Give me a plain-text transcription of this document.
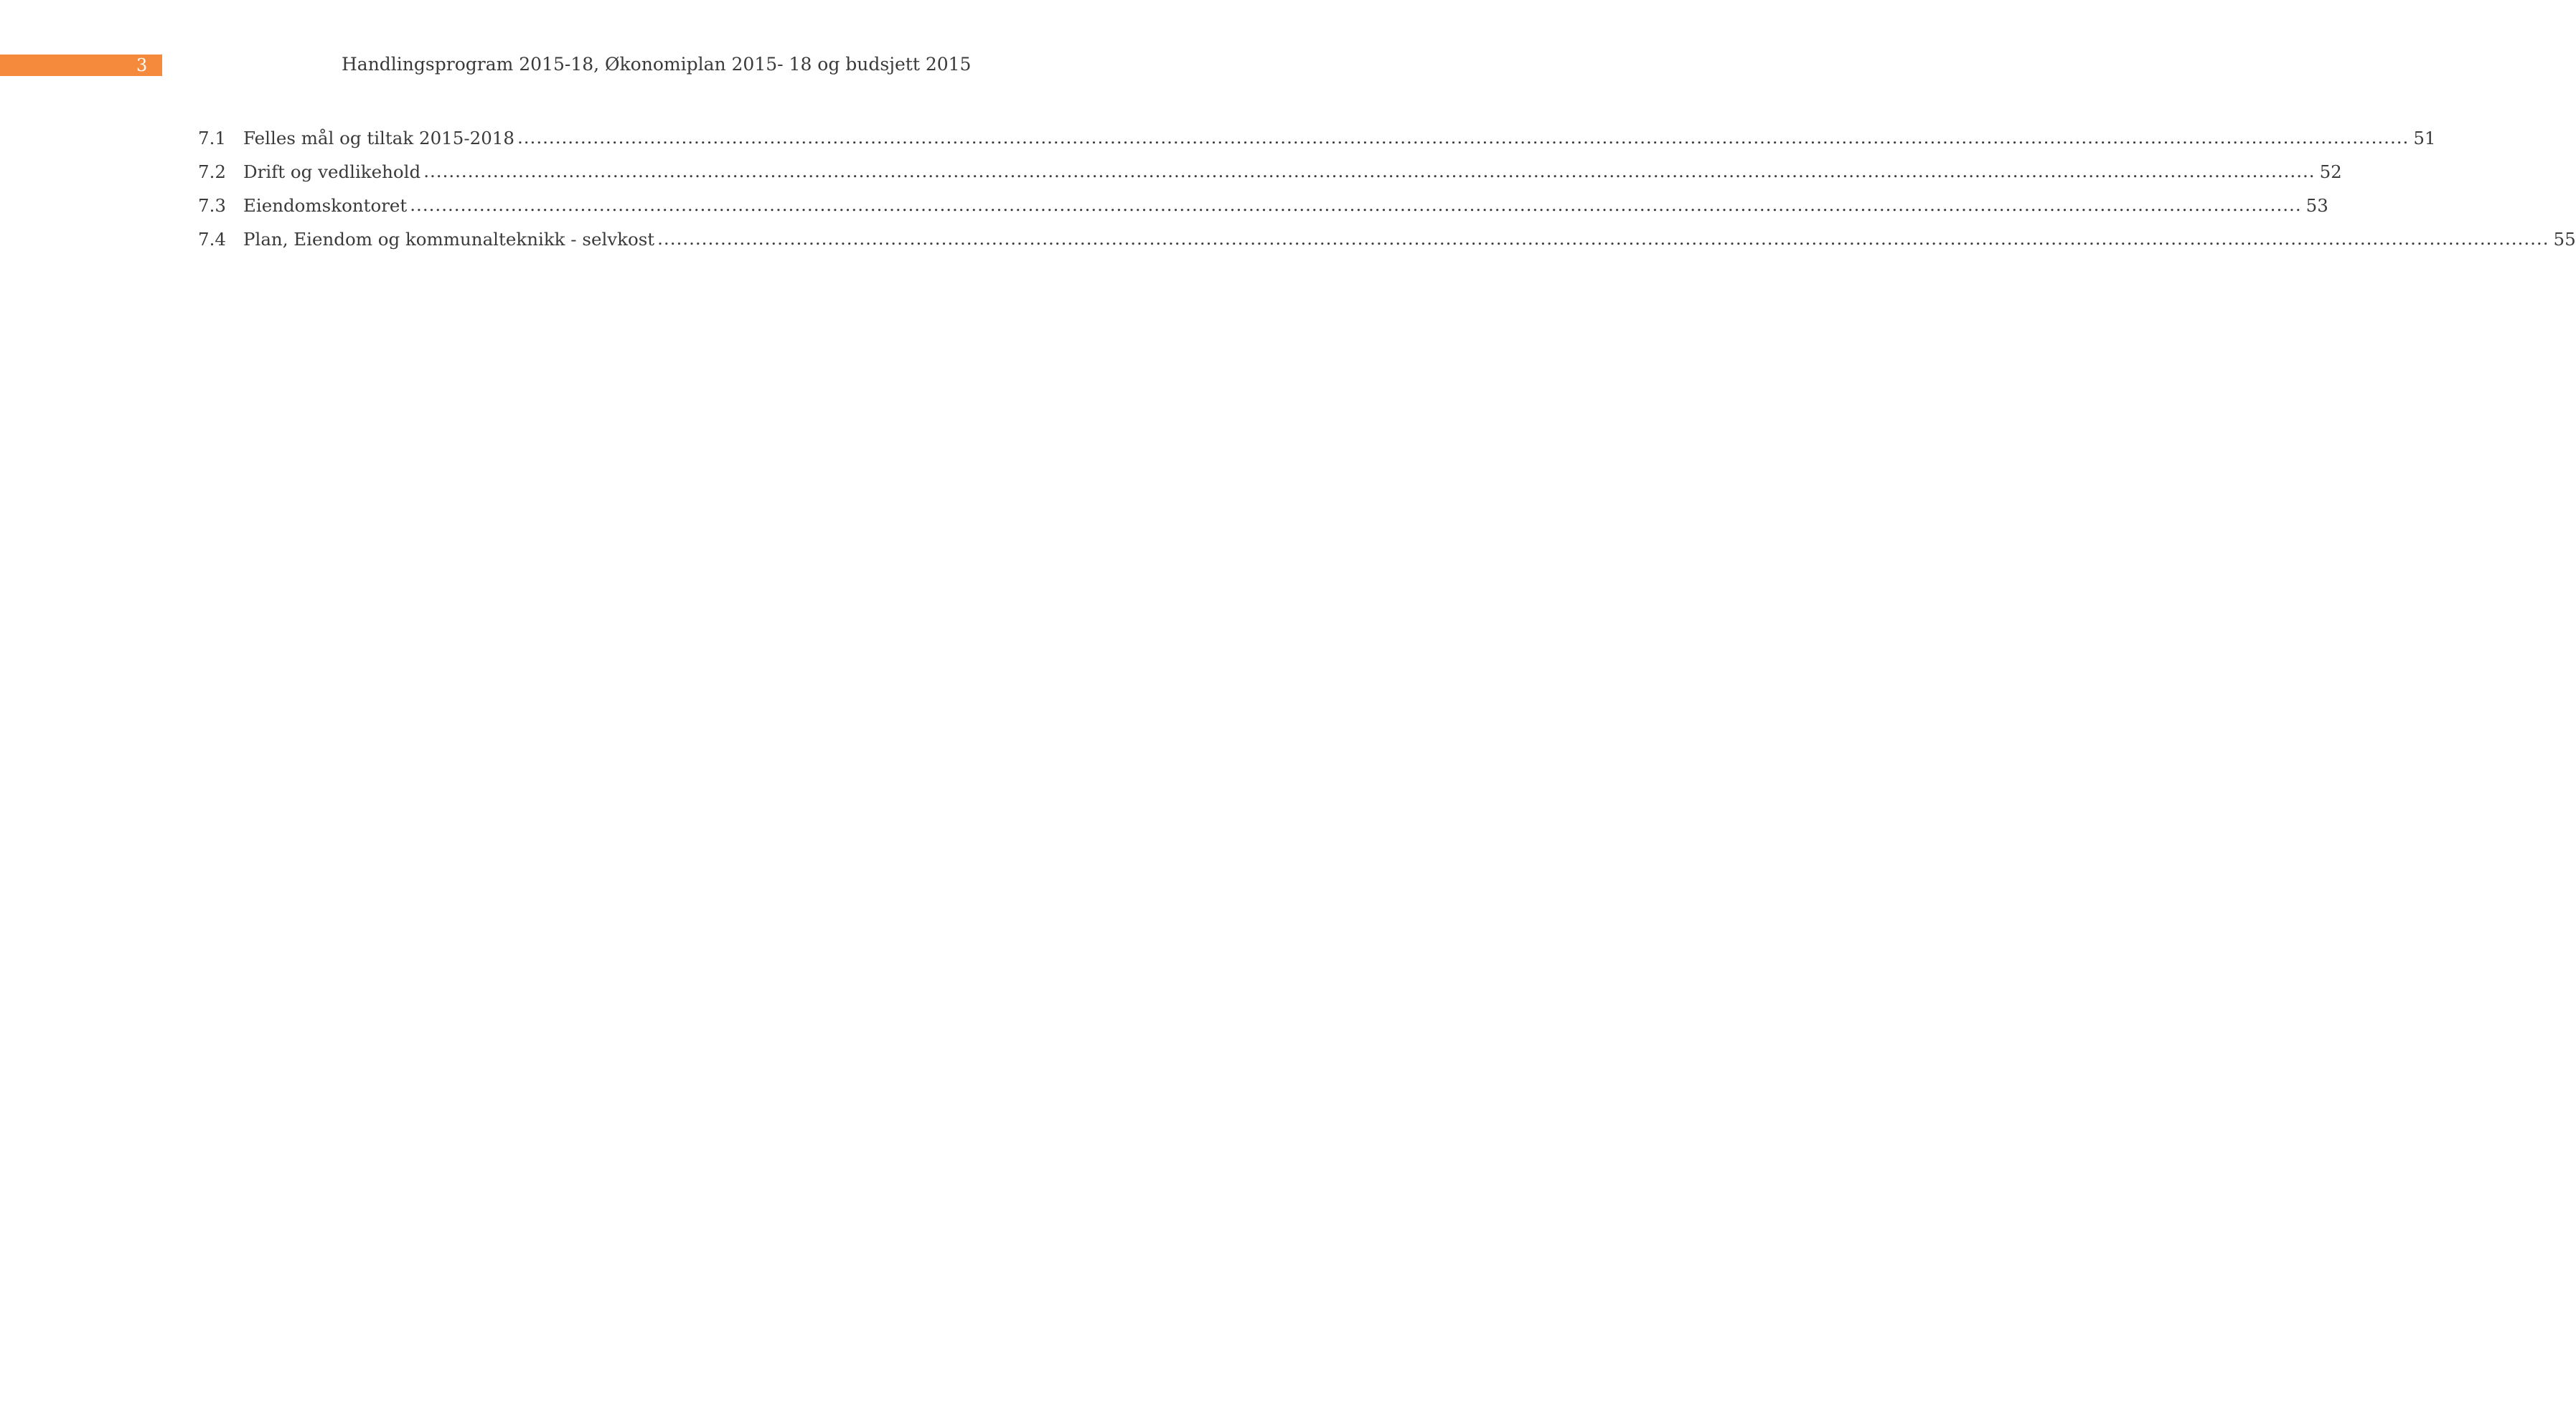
3	Handlingsprogram 2015-18, Økonomiplan 2015- 18 og budsjett 2015
7.1 Felles mål og tiltak 2015-2018 ............................................................................................................................................................................................................................................................................................................ 51
7.2 Drift og vedlikehold ............................................................................................................................................................................................................................................................................................................ 52
7.3 Eiendomskontoret ............................................................................................................................................................................................................................................................................................................ 53
7.4 Plan, Eiendom og kommunalteknikk - selvkost ............................................................................................................................................................................................................................................................................................................ 55
